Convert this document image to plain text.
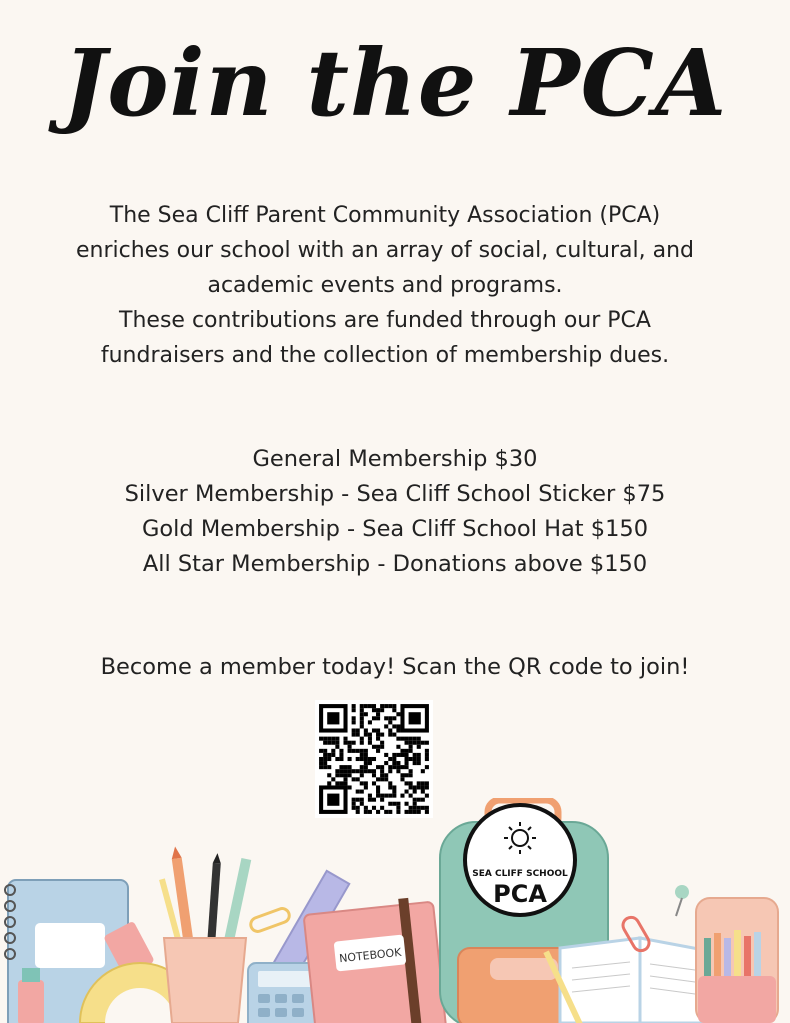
Join the PCA

The Sea Cliff Parent Community Association (PCA)

enriches our school with an array of social, cultural, and

academic events and programs.

These contributions are funded through our PCA

fundraisers and the collection of membership dues.

General Membership $30
Silver Membership - Sea Cliff School Sticker $75
Gold Membership - Sea Cliff School Hat $150
All Star Membership - Donations above $150
Become a member today! Scan the QR code to join!
NOTEBOOK
SEA CLIFF SCHOOL
PCA
